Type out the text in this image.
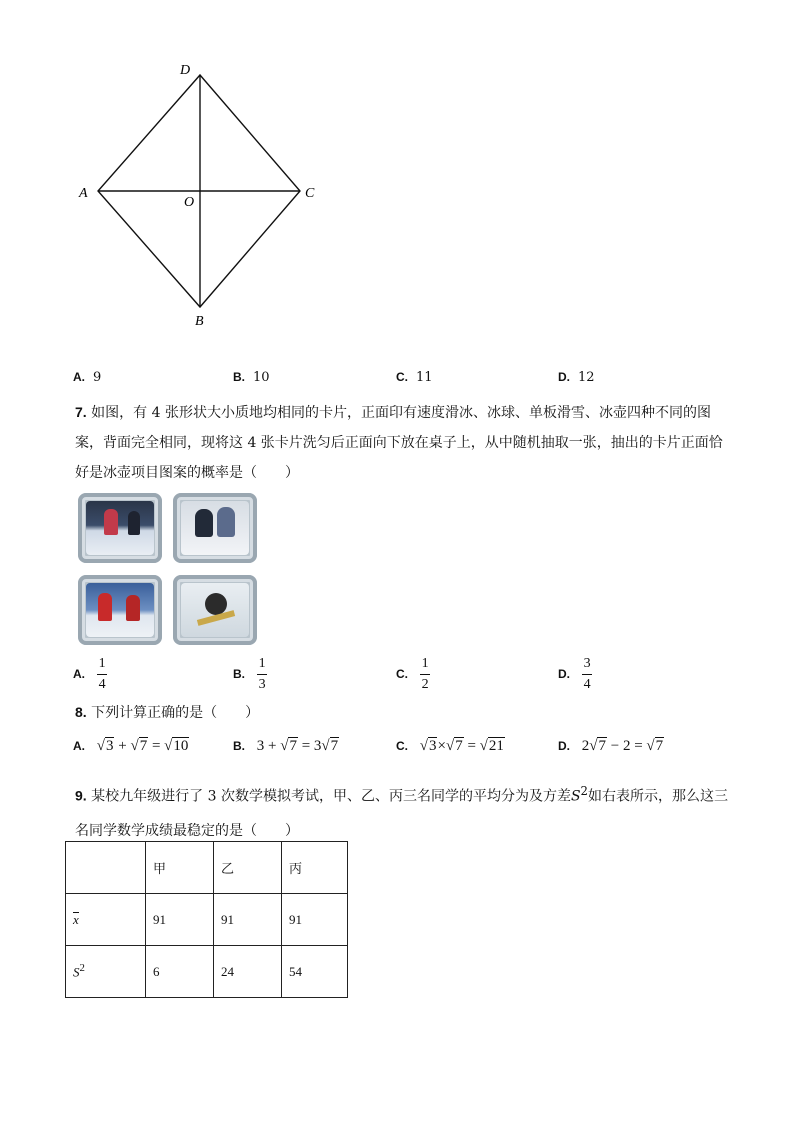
D
A
O
C
B
A. 9	B. 10	C. 11	D. 12
7. 如图，有 4 张形状大小质地均相同的卡片，正面印有速度滑冰、冰球、单板滑雪、冰壶四种不同的图案，背面完全相同，现将这 4 张卡片洗匀后正面向下放在桌子上，从中随机抽取一张，抽出的卡片正面恰好是冰壶项目图案的概率是（　　）
A. $\frac{1}{4}$	B. $\frac{1}{3}$	C. $\frac{1}{2}$	D. $\frac{3}{4}$
8. 下列计算正确的是（　　）
A. √3 + √7 = √10	B. 3 + √7 = 3√7	C. √3×√7 = √21	D. 2√7 − 2 = √7
9. 某校九年级进行了 3 次数学模拟考试，甲、乙、丙三名同学的平均分为及方差$S^2$如右表所示，那么这三名同学数学成绩最稳定的是（　　）
	甲	乙	丙
x	91	91	91
$S^2$	6	24	54
